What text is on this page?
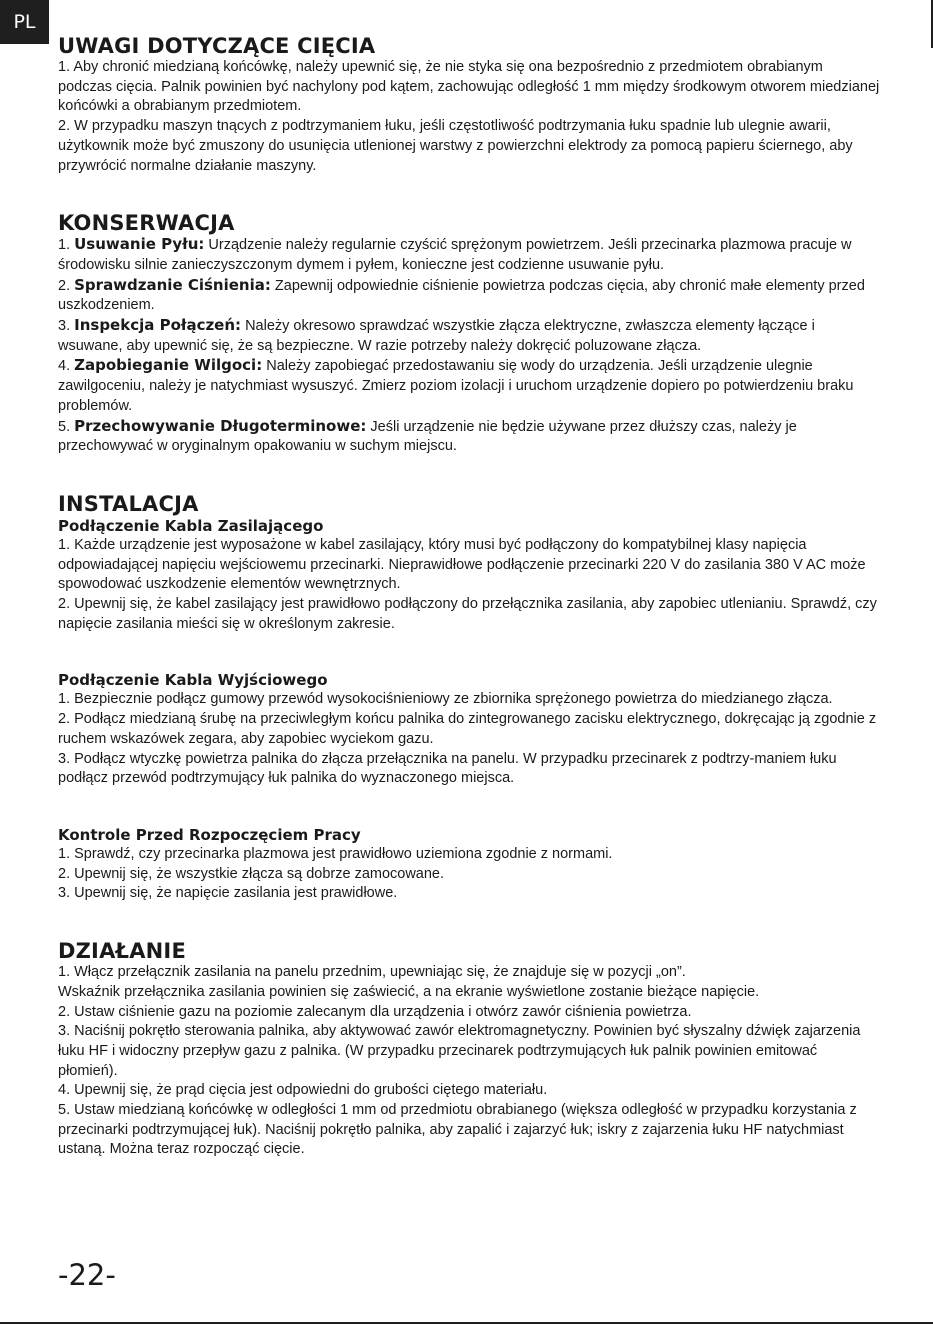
PL
UWAGI DOTYCZĄCE CIĘCIA

1. Aby chronić miedzianą końcówkę, należy upewnić się, że nie styka się ona bezpośrednio z przedmiotem obrabianym podczas cięcia. Palnik powinien być nachylony pod kątem, zachowując odległość 1 mm między środkowym otworem miedzianej końcówki a obrabianym przedmiotem.

2. W przypadku maszyn tnących z podtrzymaniem łuku, jeśli częstotliwość podtrzymania łuku spadnie lub ulegnie awarii, użytkownik może być zmuszony do usunięcia utlenionej warstwy z powierzchni elektrody za pomocą papieru ściernego, aby przywrócić normalne działanie maszyny.

KONSERWACJA

1. Usuwanie Pyłu: Urządzenie należy regularnie czyścić sprężonym powietrzem. Jeśli przecinarka plazmowa pracuje w środowisku silnie zanieczyszczonym dymem i pyłem, konieczne jest codzienne usuwanie pyłu.

2. Sprawdzanie Ciśnienia: Zapewnij odpowiednie ciśnienie powietrza podczas cięcia, aby chronić małe elementy przed uszkodzeniem.

3. Inspekcja Połączeń: Należy okresowo sprawdzać wszystkie złącza elektryczne, zwłaszcza elementy łączące i wsuwane, aby upewnić się, że są bezpieczne. W razie potrzeby należy dokręcić poluzowane złącza.

4. Zapobieganie Wilgoci: Należy zapobiegać przedostawaniu się wody do urządzenia. Jeśli urządzenie ulegnie zawilgoceniu, należy je natychmiast wysuszyć. Zmierz poziom izolacji i uruchom urządzenie dopiero po potwierdzeniu braku problemów.

5. Przechowywanie Długoterminowe: Jeśli urządzenie nie będzie używane przez dłuższy czas, należy je przechowywać w oryginalnym opakowaniu w suchym miejscu.

INSTALACJA
Podłączenie Kabla Zasilającego

1. Każde urządzenie jest wyposażone w kabel zasilający, który musi być podłączony do kompatybilnej klasy napięcia odpowiadającej napięciu wejściowemu przecinarki. Nieprawidłowe podłączenie przecinarki 220 V do zasilania 380 V AC może spowodować uszkodzenie elementów wewnętrznych.

2. Upewnij się, że kabel zasilający jest prawidłowo podłączony do przełącznika zasilania, aby zapobiec utlenianiu. Sprawdź, czy napięcie zasilania mieści się w określonym zakresie.

Podłączenie Kabla Wyjściowego

1. Bezpiecznie podłącz gumowy przewód wysokociśnieniowy ze zbiornika sprężonego powietrza do miedzianego złącza.

2. Podłącz miedzianą śrubę na przeciwległym końcu palnika do zintegrowanego zacisku elektrycznego, dokręcając ją zgodnie z ruchem wskazówek zegara, aby zapobiec wyciekom gazu.

3. Podłącz wtyczkę powietrza palnika do złącza przełącznika na panelu. W przypadku przecinarek z podtrzy-maniem łuku podłącz przewód podtrzymujący łuk palnika do wyznaczonego miejsca.

Kontrole Przed Rozpoczęciem Pracy

1. Sprawdź, czy przecinarka plazmowa jest prawidłowo uziemiona zgodnie z normami.

2. Upewnij się, że wszystkie złącza są dobrze zamocowane.

3. Upewnij się, że napięcie zasilania jest prawidłowe.

DZIAŁANIE

1. Włącz przełącznik zasilania na panelu przednim, upewniając się, że znajduje się w pozycji „on”.

Wskaźnik przełącznika zasilania powinien się zaświecić, a na ekranie wyświetlone zostanie bieżące napięcie.

2. Ustaw ciśnienie gazu na poziomie zalecanym dla urządzenia i otwórz zawór ciśnienia powietrza.

3. Naciśnij pokrętło sterowania palnika, aby aktywować zawór elektromagnetyczny. Powinien być słyszalny dźwięk zajarzenia łuku HF i widoczny przepływ gazu z palnika. (W przypadku przecinarek podtrzymujących łuk palnik powinien emitować płomień).

4. Upewnij się, że prąd cięcia jest odpowiedni do grubości ciętego materiału.

5. Ustaw miedzianą końcówkę w odległości 1 mm od przedmiotu obrabianego (większa odległość w przypadku korzystania z przecinarki podtrzymującej łuk). Naciśnij pokrętło palnika, aby zapalić i zajarzyć łuk; iskry z zajarzenia łuku HF natychmiast ustaną. Można teraz rozpocząć cięcie.

-22-
